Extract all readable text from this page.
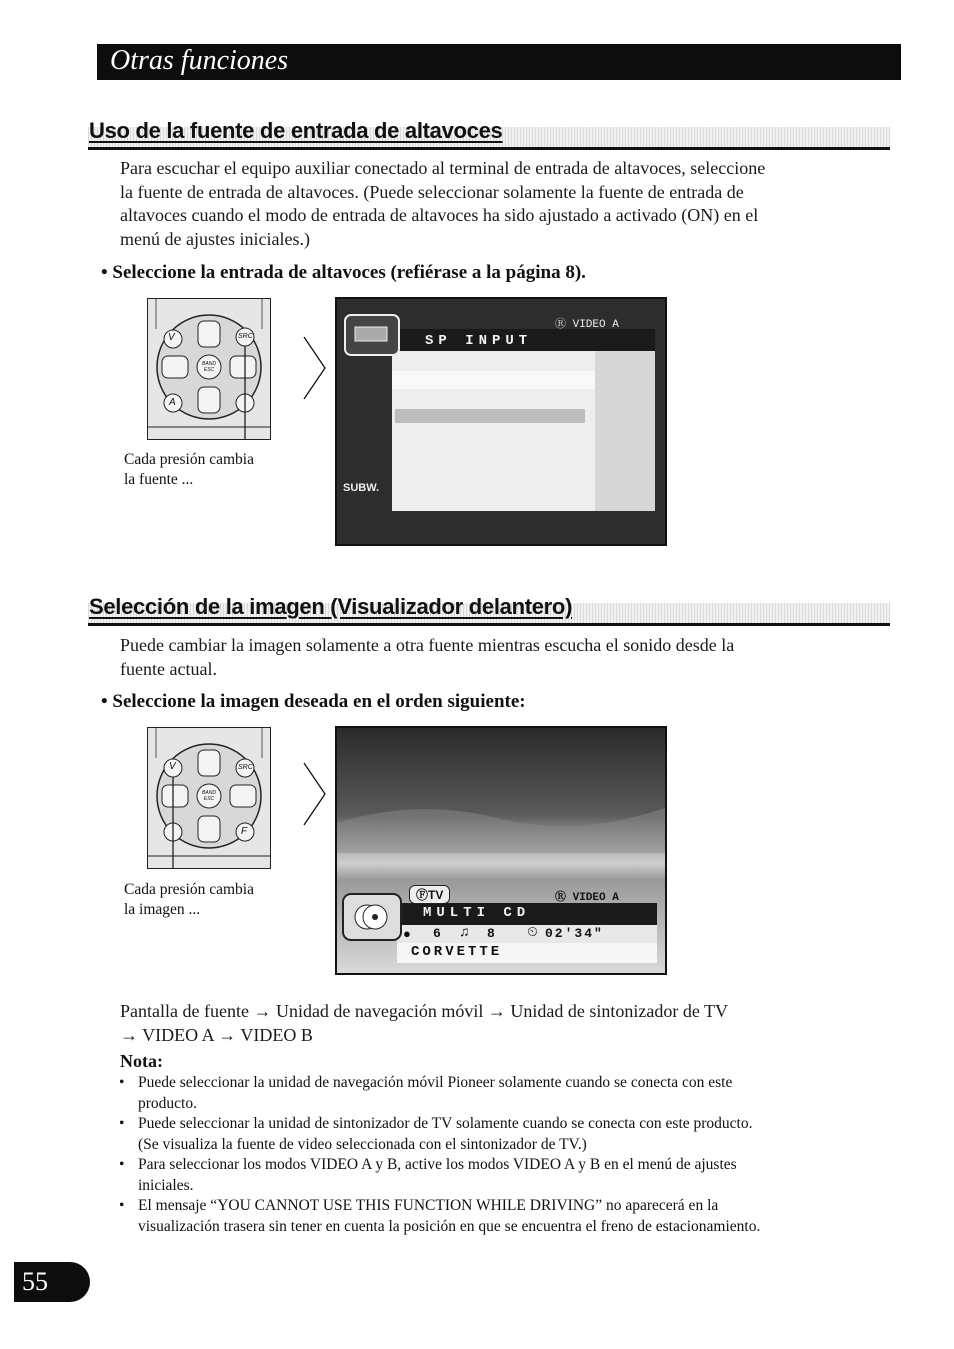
Otras funciones
Uso de la fuente de entrada de altavoces
Para escuchar el equipo auxiliar conectado al terminal de entrada de altavoces, seleccione
la fuente de entrada de altavoces. (Puede seleccionar solamente la fuente de entrada de
altavoces cuando el modo de entrada de altavoces ha sido ajustado a activado (ON) en el
menú de ajustes iniciales.)
• Seleccione la entrada de altavoces (refiérase a la página 8).
V	SRC
BAND ESC
A
Cada presión cambia
la fuente ...
Ⓡ VIDEO A
SP INPUT
SUBW.
Selección de la imagen (Visualizador delantero)
Puede cambiar la imagen solamente a otra fuente mientras escucha el sonido desde la
fuente actual.
• Seleccione la imagen deseada en el orden siguiente:
V	SRC
BAND ESC
F
Cada presión cambia
la imagen ...
ⒻTV	Ⓡ VIDEO A
MULTI CD
● 6 ♫ 8 ⏲ 02'34"
CORVETTE
Pantalla de fuente → Unidad de navegación móvil → Unidad de sintonizador de TV
→ VIDEO A → VIDEO B
Nota:
• Puede seleccionar la unidad de navegación móvil Pioneer solamente cuando se conecta con este
producto.
• Puede seleccionar la unidad de sintonizador de TV solamente cuando se conecta con este producto.
(Se visualiza la fuente de video seleccionada con el sintonizador de TV.)
• Para seleccionar los modos VIDEO A y B, active los modos VIDEO A y B en el menú de ajustes
iniciales.
• El mensaje “YOU CANNOT USE THIS FUNCTION WHILE DRIVING” no aparecerá en la
visualización trasera sin tener en cuenta la posición en que se encuentra el freno de estacionamiento.
55
